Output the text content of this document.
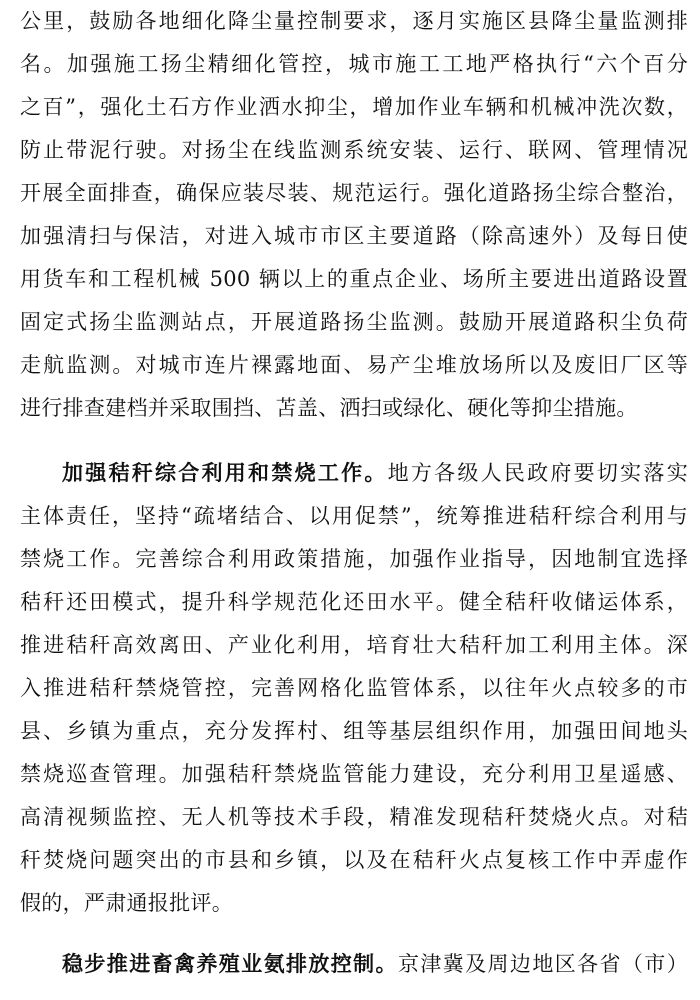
公里，鼓励各地细化降尘量控制要求，逐月实施区县降尘量监测排
名。加强施工扬尘精细化管控，城市施工工地严格执行“六个百分
之百”，强化土石方作业洒水抑尘，增加作业车辆和机械冲洗次数，
防止带泥行驶。对扬尘在线监测系统安装、运行、联网、管理情况
开展全面排查，确保应装尽装、规范运行。强化道路扬尘综合整治，
加强清扫与保洁，对进入城市市区主要道路（除高速外）及每日使
用货车和工程机械 500 辆以上的重点企业、场所主要进出道路设置
固定式扬尘监测站点，开展道路扬尘监测。鼓励开展道路积尘负荷
走航监测。对城市连片裸露地面、易产尘堆放场所以及废旧厂区等
进行排查建档并采取围挡、苫盖、洒扫或绿化、硬化等抑尘措施。
加强秸秆综合利用和禁烧工作。地方各级人民政府要切实落实
主体责任，坚持“疏堵结合、以用促禁”，统筹推进秸秆综合利用与
禁烧工作。完善综合利用政策措施，加强作业指导，因地制宜选择
秸秆还田模式，提升科学规范化还田水平。健全秸秆收储运体系，
推进秸秆高效离田、产业化利用，培育壮大秸秆加工利用主体。深
入推进秸秆禁烧管控，完善网格化监管体系，以往年火点较多的市
县、乡镇为重点，充分发挥村、组等基层组织作用，加强田间地头
禁烧巡查管理。加强秸秆禁烧监管能力建设，充分利用卫星遥感、
高清视频监控、无人机等技术手段，精准发现秸秆焚烧火点。对秸
秆焚烧问题突出的市县和乡镇，以及在秸秆火点复核工作中弄虚作
假的，严肃通报批评。
稳步推进畜禽养殖业氨排放控制。京津冀及周边地区各省（市）
